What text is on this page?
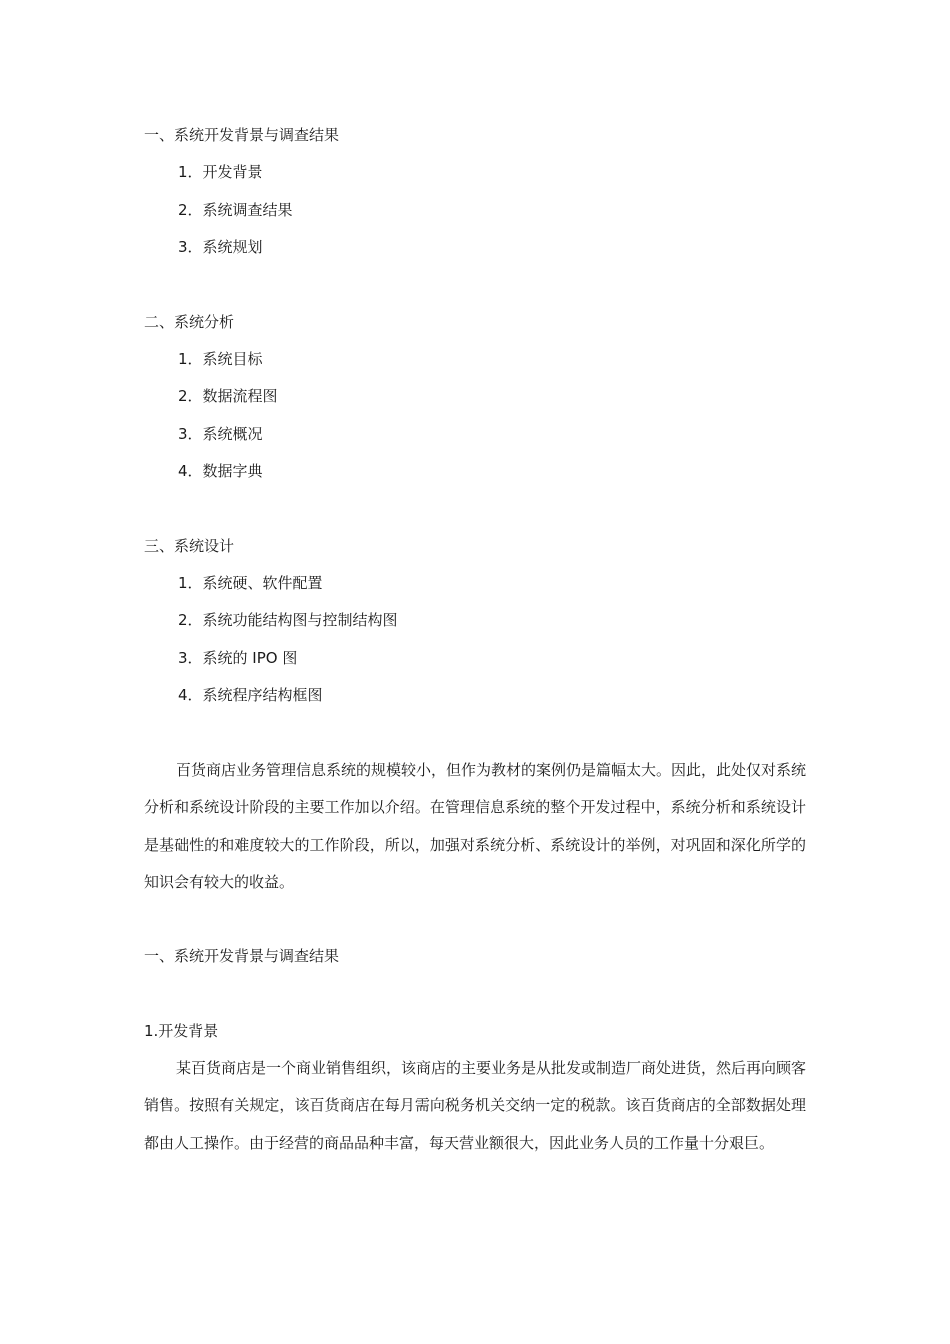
一、系统开发背景与调查结果
1．开发背景
2．系统调查结果
3．系统规划
二、系统分析
1．系统目标
2．数据流程图
3．系统概况
4．数据字典
三、系统设计
1．系统硬、软件配置
2．系统功能结构图与控制结构图
3．系统的 IPO 图
4．系统程序结构框图
百货商店业务管理信息系统的规模较小，但作为教材的案例仍是篇幅太大。因此，此处仅对系统分析和系统设计阶段的主要工作加以介绍。在管理信息系统的整个开发过程中，系统分析和系统设计是基础性的和难度较大的工作阶段，所以，加强对系统分析、系统设计的举例，对巩固和深化所学的知识会有较大的收益。
一、系统开发背景与调查结果
1.开发背景
某百货商店是一个商业销售组织，该商店的主要业务是从批发或制造厂商处进货，然后再向顾客销售。按照有关规定，该百货商店在每月需向税务机关交纳一定的税款。该百货商店的全部数据处理都由人工操作。由于经营的商品品种丰富，每天营业额很大，因此业务人员的工作量十分艰巨。
